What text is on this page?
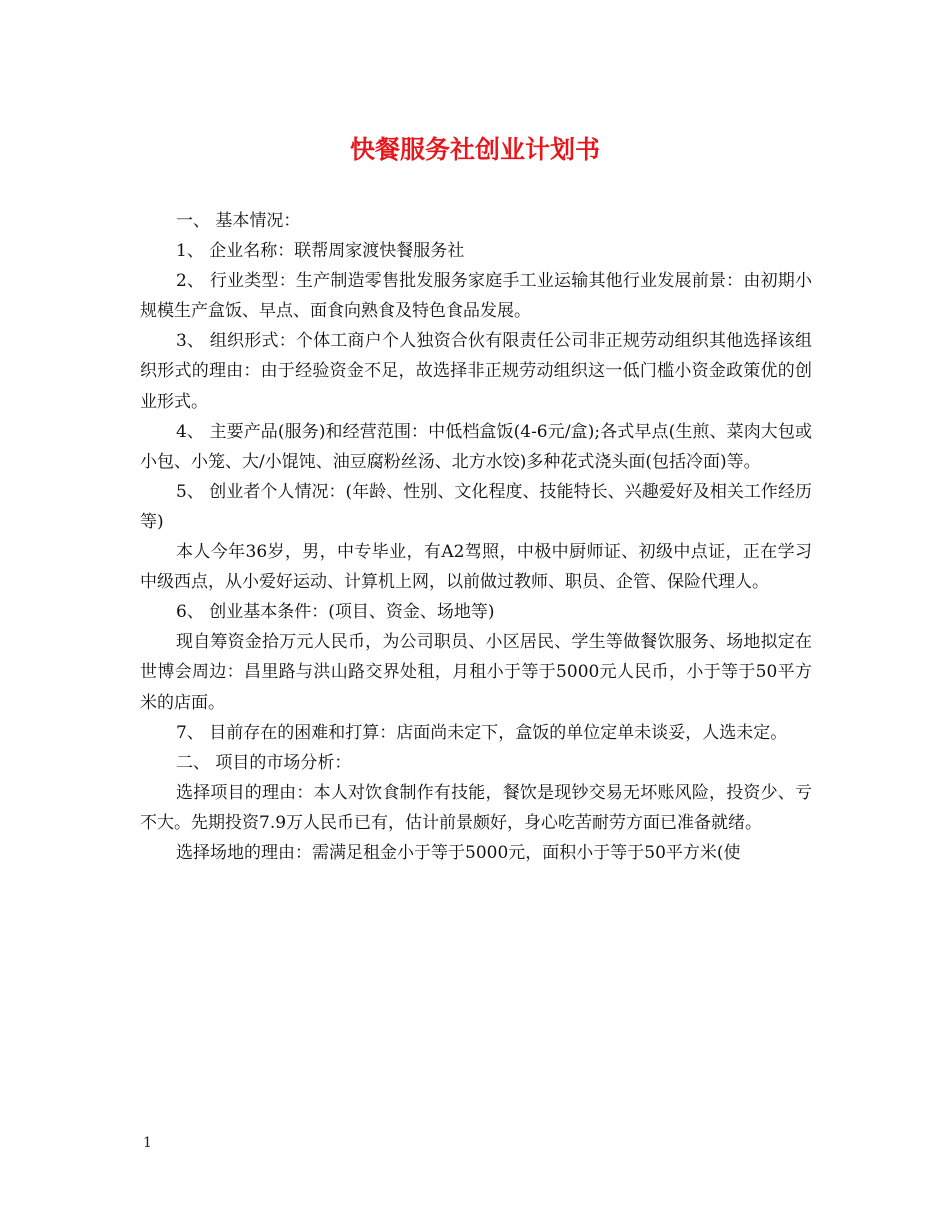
快餐服务社创业计划书

一、 基本情况：

1、 企业名称：联帮周家渡快餐服务社

2、 行业类型：生产制造零售批发服务家庭手工业运输其他行业发展前景：由初期小规模生产盒饭、早点、面食向熟食及特色食品发展。

3、 组织形式：个体工商户个人独资合伙有限责任公司非正规劳动组织其他选择该组织形式的理由：由于经验资金不足，故选择非正规劳动组织这一低门槛小资金政策优的创业形式。

4、 主要产品(服务)和经营范围：中低档盒饭(4-6元/盒);各式早点(生煎、菜肉大包或小包、小笼、大/小馄饨、油豆腐粉丝汤、北方水饺)多种花式浇头面(包括冷面)等。

5、 创业者个人情况：(年龄、性别、文化程度、技能特长、兴趣爱好及相关工作经历等)

本人今年36岁，男，中专毕业，有A2驾照，中极中厨师证、初级中点证，正在学习中级西点，从小爱好运动、计算机上网，以前做过教师、职员、企管、保险代理人。

6、 创业基本条件：(项目、资金、场地等)

现自筹资金拾万元人民币，为公司职员、小区居民、学生等做餐饮服务、场地拟定在世博会周边：昌里路与洪山路交界处租，月租小于等于5000元人民币，小于等于50平方米的店面。

7、 目前存在的困难和打算：店面尚未定下，盒饭的单位定单未谈妥，人选未定。

二、 项目的市场分析：

选择项目的理由：本人对饮食制作有技能，餐饮是现钞交易无坏账风险，投资少、亏不大。先期投资7.9万人民币已有，估计前景颇好，身心吃苦耐劳方面已准备就绪。

选择场地的理由：需满足租金小于等于5000元，面积小于等于50平方米(使

1
